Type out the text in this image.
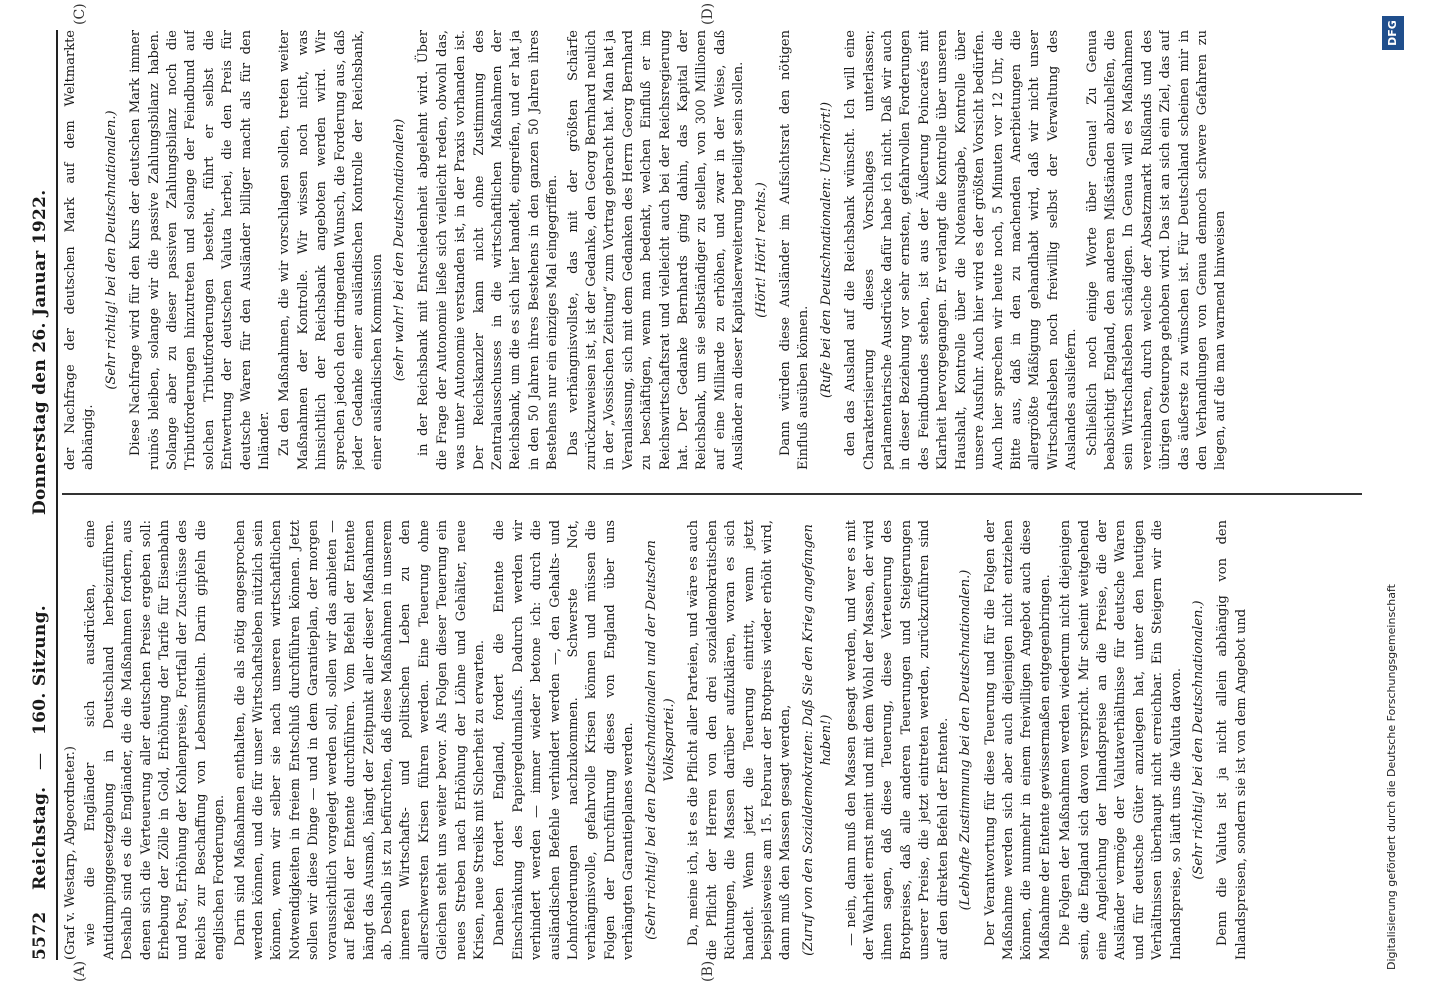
5572
Reichstag.
—
160. Sitzung.
Donnerstag den 26. Januar 1922.
(A)	(B)
(C)	(D)

(Graf v. Westarp, Abgeordneter.) wie die Engländer sich ausdrücken, eine Antidumpinggesetzgebung in Deutschland herbeizuführen. Deshalb sind es die Engländer, die die Maßnahmen fordern, aus denen sich die Verteuerung aller deutschen Preise ergeben soll: Erhebung der Zölle in Gold, Erhöhung der Tarife für Eisenbahn und Post, Erhöhung der Kohlenpreise, Fortfall der Zuschüsse des Reichs zur Beschaffung von Lebensmitteln. Darin gipfeln die englischen Forderungen. Darin sind Maßnahmen enthalten, die als nötig angesprochen werden können, und die für unser Wirtschaftsleben nützlich sein können, wenn wir selber sie nach unseren wirtschaftlichen Notwendigkeiten in freiem Entschluß durchführen können. Jetzt sollen wir diese Dinge — und in dem Garantieplan, der morgen voraussichtlich vorgelegt werden soll, sollen wir das anbieten — auf Befehl der Entente durchführen. Vom Befehl der Entente hängt das Ausmaß, hängt der Zeitpunkt aller dieser Maßnahmen ab. Deshalb ist zu befürchten, daß diese Maßnahmen in unserem inneren Wirtschafts- und politischen Leben zu den allerschwersten Krisen führen werden. Eine Teuerung ohne Gleichen steht uns weiter bevor. Als Folgen dieser Teuerung ein neues Streben nach Erhöhung der Löhne und Gehälter, neue Krisen, neue Streiks mit Sicherheit zu erwarten. Daneben fordert England, fordert die Entente die Einschränkung des Papiergeldumlaufs. Dadurch werden wir verhindert werden — immer wieder betone ich: durch die ausländischen Befehle verhindert werden —, den Gehalts- und Lohnforderungen nachzukommen. Schwerste Not, verhängnisvolle, gefahrvolle Krisen können und müssen die Folgen der Durchführung dieses von England über uns verhängten Garantieplanes werden. (Sehr richtig! bei den Deutschnationalen und der Deutschen Volkspartei.) Da, meine ich, ist es die Pflicht aller Parteien, und wäre es auch die Pflicht der Herren von den drei sozialdemokratischen Richtungen, die Massen darüber aufzuklären, woran es sich handelt. Wenn jetzt die Teuerung eintritt, wenn jetzt beispielsweise am 15. Februar der Brotpreis wieder erhöht wird, dann muß den Massen gesagt werden, (Zuruf von den Sozialdemokraten: Daß Sie den Krieg angefangen haben!) — nein, dann muß den Massen gesagt werden, und wer es mit der Wahrheit ernst meint und mit dem Wohl der Massen, der wird ihnen sagen, daß diese Teuerung, diese Verteuerung des Brotpreises, daß alle anderen Teuerungen und Steigerungen unserer Preise, die jetzt eintreten werden, zurückzuführen sind auf den direkten Befehl der Entente. (Lebhafte Zustimmung bei den Deutschnationalen.) Der Verantwortung für diese Teuerung und für die Folgen der Maßnahme werden sich aber auch diejenigen nicht entziehen können, die nunmehr in einem freiwilligen Angebot auch diese Maßnahme der Entente gewissermaßen entgegenbringen. Die Folgen der Maßnahmen werden wiederum nicht diejenigen sein, die England sich davon verspricht. Mir scheint weitgehend eine Angleichung der Inlandspreise an die Preise, die der Ausländer vermöge der Valutaverhältnisse für deutsche Waren und für deutsche Güter anzulegen hat, unter den heutigen Verhältnissen überhaupt nicht erreichbar. Ein Steigern wir die Inlandspreise, so läuft uns die Valuta davon. (Sehr richtig! bei den Deutschnationalen.) Denn die Valuta ist ja nicht allein abhängig von den Inlandspreisen, sondern sie ist von dem Angebot und

der Nachfrage der deutschen Mark auf dem Weltmarkte abhängig.

(Sehr richtig! bei den Deutschnationalen.) Diese Nachfrage wird für den Kurs der deutschen Mark immer ruinös bleiben, solange wir die passive Zahlungsbilanz haben. Solange aber zu dieser passiven Zahlungsbilanz noch die Tributforderungen hinzutreten und solange der Feindbund auf solchen Tributforderungen besteht, führt er selbst die Entwertung der deutschen Valuta herbei, die den Preis für deutsche Waren für den Ausländer billiger macht als für den Inländer. Zu den Maßnahmen, die wir vorschlagen sollen, treten weiter Maßnahmen der Kontrolle. Wir wissen noch nicht, was hinsichtlich der Reichsbank angeboten werden wird. Wir sprechen jedoch den dringenden Wunsch, die Forderung aus, daß jeder Gedanke einer ausländischen Kontrolle der Reichsbank, einer ausländischen Kommission (sehr wahr! bei den Deutschnationalen) in der Reichsbank mit Entschiedenheit abgelehnt wird. Über die Frage der Autonomie ließe sich vielleicht reden, obwohl das, was unter Autonomie verstanden ist, in der Praxis vorhanden ist. Der Reichskanzler kann nicht ohne Zustimmung des Zentralausschusses in die wirtschaftlichen Maßnahmen der Reichsbank, um die es sich hier handelt, eingreifen, und er hat ja in den 50 Jahren ihres Bestehens in den ganzen 50 Jahren ihres Bestehens nur ein einziges Mal eingegriffen. Das verhängnisvollste, das mit der größten Schärfe zurückzuweisen ist, ist der Gedanke, den Georg Bernhard neulich in der „Vossischen Zeitung“ zum Vortrag gebracht hat. Man hat ja Veranlassung, sich mit dem Gedanken des Herrn Georg Bernhard zu beschäftigen, wenn man bedenkt, welchen Einfluß er im Reichswirtschaftsrat und vielleicht auch bei der Reichsregierung hat. Der Gedanke Bernhards ging dahin, das Kapital der Reichsbank, um sie selbständiger zu stellen, von 300 Millionen auf eine Milliarde zu erhöhen, und zwar in der Weise, daß Ausländer an dieser Kapitalserweiterung beteiligt sein sollen. (Hört! Hört! rechts.) Dann würden diese Ausländer im Aufsichtsrat den nötigen Einfluß ausüben können. (Rufe bei den Deutschnationalen: Unerhört!) den das Ausland auf die Reichsbank wünscht. Ich will eine Charakterisierung dieses Vorschlages unterlassen; parlamentarische Ausdrücke dafür habe ich nicht. Daß wir auch in dieser Beziehung vor sehr ernsten, gefahrvollen Forderungen des Feindbundes stehen, ist aus der Äußerung Poincarés mit Klarheit hervorgegangen. Er verlangt die Kontrolle über unseren Haushalt, Kontrolle über die Notenausgabe, Kontrolle über unsere Ausfuhr. Auch hier wird es der größten Vorsicht bedürfen. Auch hier sprechen wir heute noch, 5 Minuten vor 12 Uhr, die Bitte aus, daß in den zu machenden Anerbietungen die allergrößte Mäßigung gehandhabt wird, daß wir nicht unser Wirtschaftsleben noch freiwillig selbst der Verwaltung des Auslandes ausliefern. Schließlich noch einige Worte über Genua! Zu Genua beabsichtigt England, den anderen Mißständen abzuhelfen, die sein Wirtschaftsleben schädigen. In Genua will es Maßnahmen vereinbaren, durch welche der Absatzmarkt Rußlands und des übrigen Osteuropa gehoben wird. Das ist an sich ein Ziel, das auf das äußerste zu wünschen ist. Für Deutschland scheinen mir in den Verhandlungen von Genua dennoch schwere Gefahren zu liegen, auf die man warnend hinweisen

Digitalisierung gefördert durch die Deutsche Forschungsgemeinschaft
DFG
